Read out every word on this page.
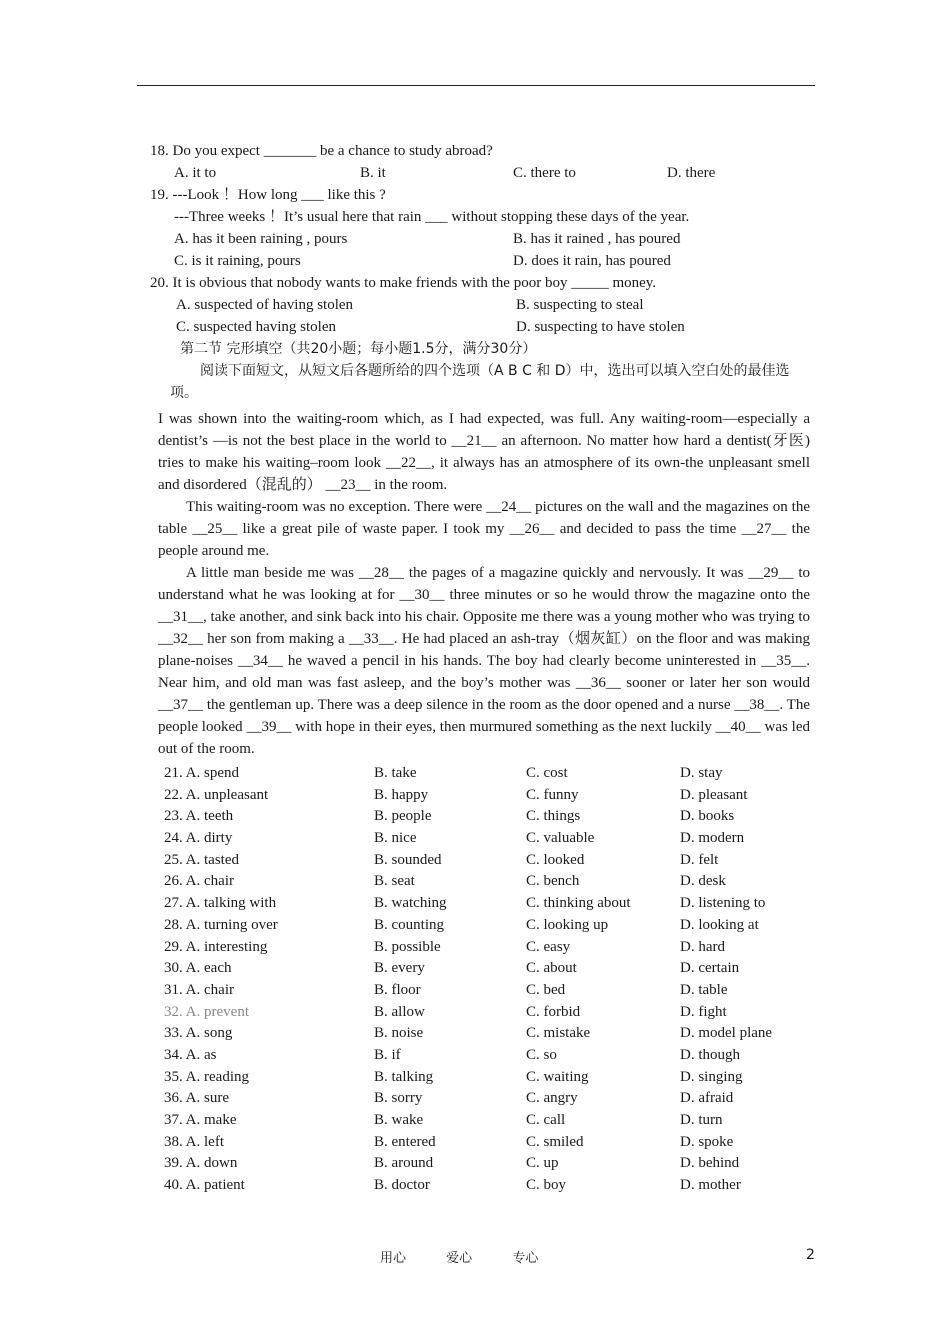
18. Do you expect _______ be a chance to study abroad?
A. it to	B. it	C. there to	D. there
19. ---Look ！How long ___ like this ?
---Three weeks ！It’s usual here that rain ___ without stopping these days of the year.
A. has it been raining , pours	B. has it rained , has poured
C. is it raining, pours	D. does it rain, has poured
20. It is obvious that nobody wants to make friends with the poor boy _____ money.
A. suspected of having stolen	B. suspecting to steal
C. suspected having stolen	D. suspecting to have stolen
第二节 完形填空（共20小题；每小题1.5分，满分30分）
阅读下面短文，从短文后各题所给的四个选项（A B C 和 D）中，选出可以填入空白处的最佳选项。

I was shown into the waiting-room which, as I had expected, was full. Any waiting-room—especially a dentist’s —is not the best place in the world to __21__ an afternoon. No matter how hard a dentist(牙医) tries to make his waiting–room look __22__, it always has an atmosphere of its own-the unpleasant smell and disordered（混乱的） __23__ in the room.

This waiting-room was no exception. There were __24__ pictures on the wall and the magazines on the table __25__ like a great pile of waste paper. I took my __26__ and decided to pass the time __27__ the people around me.

A little man beside me was __28__ the pages of a magazine quickly and nervously. It was __29__ to understand what he was looking at for __30__ three minutes or so he would throw the magazine onto the __31__, take another, and sink back into his chair. Opposite me there was a young mother who was trying to __32__ her son from making a __33__. He had placed an ash-tray（烟灰缸）on the floor and was making plane-noises __34__ he waved a pencil in his hands. The boy had clearly become uninterested in __35__. Near him, and old man was fast asleep, and the boy’s mother was __36__ sooner or later her son would __37__ the gentleman up. There was a deep silence in the room as the door opened and a nurse __38__. The people looked __39__ with hope in their eyes, then murmured something as the next luckily __40__ was led out of the room.

21. A. spend	B. take	C. cost	D. stay
22. A. unpleasant	B. happy	C. funny	D. pleasant
23. A. teeth	B. people	C. things	D. books
24. A. dirty	B. nice	C. valuable	D. modern
25. A. tasted	B. sounded	C. looked	D. felt
26. A. chair	B. seat	C. bench	D. desk
27. A. talking with	B. watching	C. thinking about	D. listening to
28. A. turning over	B. counting	C. looking up	D. looking at
29. A. interesting	B. possible	C. easy	D. hard
30. A. each	B. every	C. about	D. certain
31. A. chair	B. floor	C. bed	D. table
32. A. prevent	B. allow	C. forbid	D. fight
33. A. song	B. noise	C. mistake	D. model plane
34. A. as	B. if	C. so	D. though
35. A. reading	B. talking	C. waiting	D. singing
36. A. sure	B. sorry	C. angry	D. afraid
37. A. make	B. wake	C. call	D. turn
38. A. left	B. entered	C. smiled	D. spoke
39. A. down	B. around	C. up	D. behind
40. A. patient	B. doctor	C. boy	D. mother
用心	爱心	专心	2
